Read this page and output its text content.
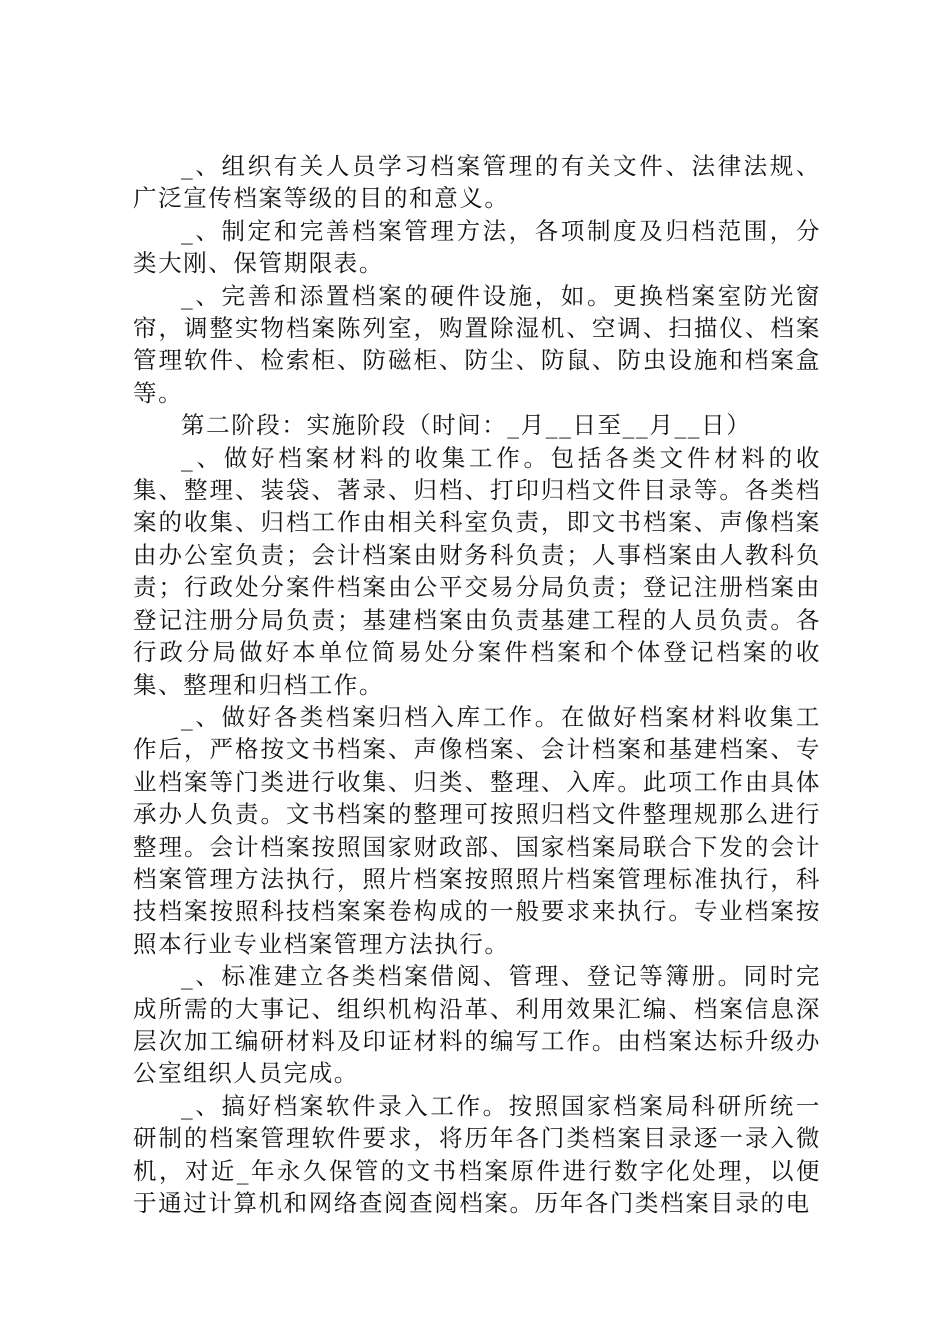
_、组织有关人员学习档案管理的有关文件、法律法规、广泛宣传档案等级的目的和意义。

_、制定和完善档案管理方法，各项制度及归档范围，分类大刚、保管期限表。

_、完善和添置档案的硬件设施，如。更换档案室防光窗帘，调整实物档案陈列室，购置除湿机、空调、扫描仪、档案管理软件、检索柜、防磁柜、防尘、防鼠、防虫设施和档案盒等。

第二阶段：实施阶段（时间：_月__日至__月__日）

_、做好档案材料的收集工作。包括各类文件材料的收集、整理、装袋、著录、归档、打印归档文件目录等。各类档案的收集、归档工作由相关科室负责，即文书档案、声像档案由办公室负责；会计档案由财务科负责；人事档案由人教科负责；行政处分案件档案由公平交易分局负责；登记注册档案由登记注册分局负责；基建档案由负责基建工程的人员负责。各行政分局做好本单位简易处分案件档案和个体登记档案的收集、整理和归档工作。

_、做好各类档案归档入库工作。在做好档案材料收集工作后，严格按文书档案、声像档案、会计档案和基建档案、专业档案等门类进行收集、归类、整理、入库。此项工作由具体承办人负责。文书档案的整理可按照归档文件整理规那么进行整理。会计档案按照国家财政部、国家档案局联合下发的会计档案管理方法执行，照片档案按照照片档案管理标准执行，科技档案按照科技档案案卷构成的一般要求来执行。专业档案按照本行业专业档案管理方法执行。

_、标准建立各类档案借阅、管理、登记等簿册。同时完成所需的大事记、组织机构沿革、利用效果汇编、档案信息深层次加工编研材料及印证材料的编写工作。由档案达标升级办公室组织人员完成。

_、搞好档案软件录入工作。按照国家档案局科研所统一研制的档案管理软件要求，将历年各门类档案目录逐一录入微机，对近_年永久保管的文书档案原件进行数字化处理，以便于通过计算机和网络查阅查阅档案。历年各门类档案目录的电
